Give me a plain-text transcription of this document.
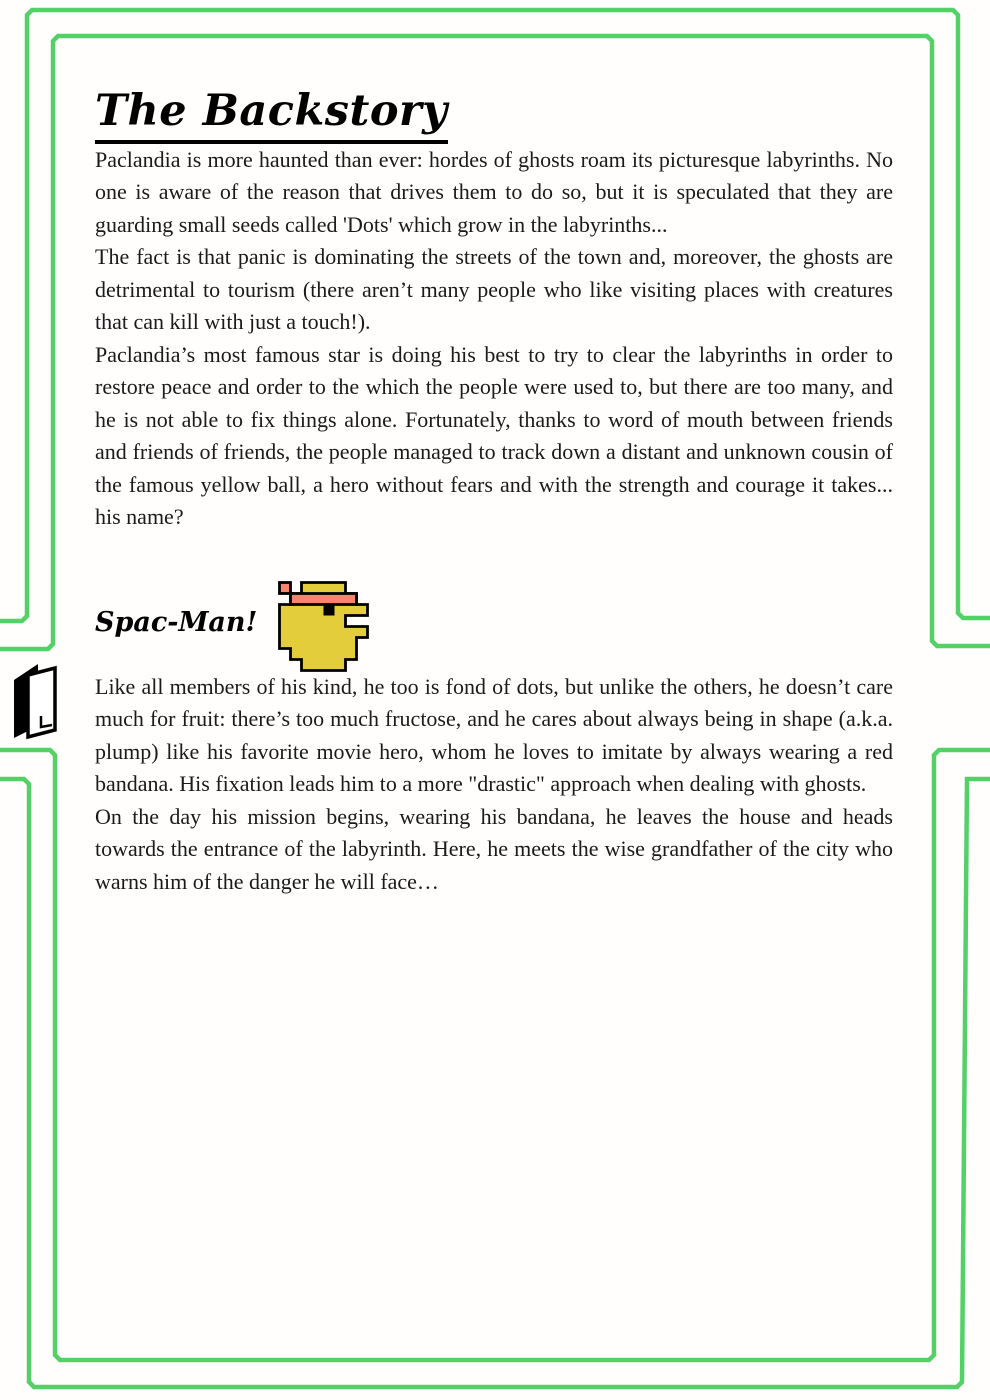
The Backstory

Paclandia is more haunted than ever: hordes of ghosts roam its picturesque labyrinths. No one is aware of the reason that drives them to do so, but it is speculated that they are guarding small seeds called 'Dots' which grow in the labyrinths...

The fact is that panic is dominating the streets of the town and, moreover, the ghosts are detrimental to tourism (there aren’t many people who like visiting places with creatures that can kill with just a touch!).

Paclandia’s most famous star is doing his best to try to clear the labyrinths in order to restore peace and order to the which the people were used to, but there are too many, and he is not able to fix things alone. Fortunately, thanks to word of mouth between friends and friends of friends, the people managed to track down a distant and unknown cousin of the famous yellow ball, a hero without fears and with the strength and courage it takes... his name?

Spac-Man!

Like all members of his kind, he too is fond of dots, but unlike the others, he doesn’t care much for fruit: there’s too much fructose, and he cares about always being in shape (a.k.a. plump) like his favorite movie hero, whom he loves to imitate by always wearing a red bandana. His fixation leads him to a more "drastic" approach when dealing with ghosts.

On the day his mission begins, wearing his bandana, he leaves the house and heads towards the entrance of the labyrinth. Here, he meets the wise grandfather of the city who warns him of the danger he will face…
